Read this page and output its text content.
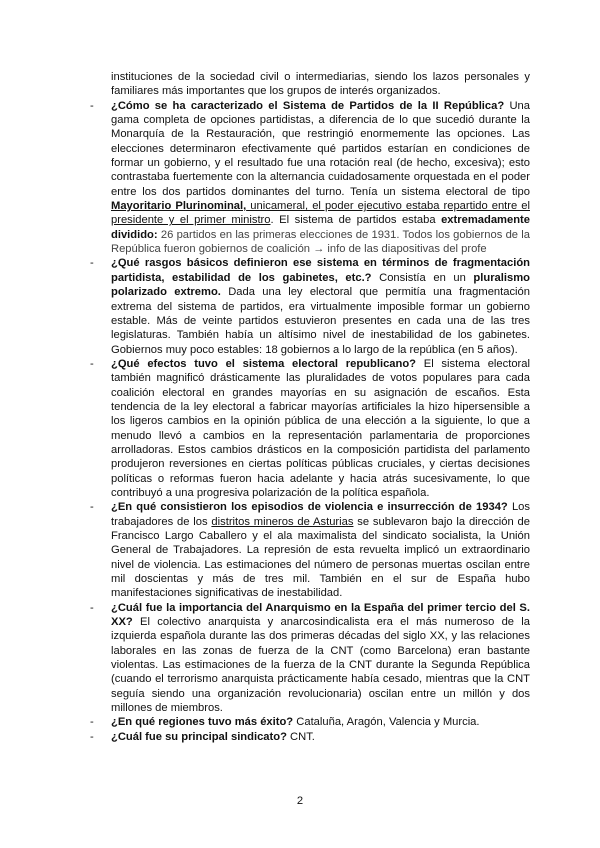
instituciones de la sociedad civil o intermediarias, siendo los lazos personales y familiares más importantes que los grupos de interés organizados.

- ¿Cómo se ha caracterizado el Sistema de Partidos de la II República? Una gama completa de opciones partidistas, a diferencia de lo que sucedió durante la Monarquía de la Restauración, que restringió enormemente las opciones. Las elecciones determinaron efectivamente qué partidos estarían en condiciones de formar un gobierno, y el resultado fue una rotación real (de hecho, excesiva); esto contrastaba fuertemente con la alternancia cuidadosamente orquestada en el poder entre los dos partidos dominantes del turno. Tenía un sistema electoral de tipo Mayoritario Plurinominal, unicameral, el poder ejecutivo estaba repartido entre el presidente y el primer ministro. El sistema de partidos estaba extremadamente dividido: 26 partidos en las primeras elecciones de 1931. Todos los gobiernos de la República fueron gobiernos de coalición → info de las diapositivas del profe

- ¿Qué rasgos básicos definieron ese sistema en términos de fragmentación partidista, estabilidad de los gabinetes, etc.? Consistía en un pluralismo polarizado extremo. Dada una ley electoral que permitía una fragmentación extrema del sistema de partidos, era virtualmente imposible formar un gobierno estable. Más de veinte partidos estuvieron presentes en cada una de las tres legislaturas. También había un altísimo nivel de inestabilidad de los gabinetes. Gobiernos muy poco estables: 18 gobiernos a lo largo de la república (en 5 años).

- ¿Qué efectos tuvo el sistema electoral republicano? El sistema electoral también magnificó drásticamente las pluralidades de votos populares para cada coalición electoral en grandes mayorías en su asignación de escaños. Esta tendencia de la ley electoral a fabricar mayorías artificiales la hizo hipersensible a los ligeros cambios en la opinión pública de una elección a la siguiente, lo que a menudo llevó a cambios en la representación parlamentaria de proporciones arrolladoras. Estos cambios drásticos en la composición partidista del parlamento produjeron reversiones en ciertas políticas públicas cruciales, y ciertas decisiones políticas o reformas fueron hacia adelante y hacia atrás sucesivamente, lo que contribuyó a una progresiva polarización de la política española.

- ¿En qué consistieron los episodios de violencia e insurrección de 1934? Los trabajadores de los distritos mineros de Asturias se sublevaron bajo la dirección de Francisco Largo Caballero y el ala maximalista del sindicato socialista, la Unión General de Trabajadores. La represión de esta revuelta implicó un extraordinario nivel de violencia. Las estimaciones del número de personas muertas oscilan entre mil doscientas y más de tres mil. También en el sur de España hubo manifestaciones significativas de inestabilidad.

- ¿Cuál fue la importancia del Anarquismo en la España del primer tercio del S. XX? El colectivo anarquista y anarcosindicalista era el más numeroso de la izquierda española durante las dos primeras décadas del siglo XX, y las relaciones laborales en las zonas de fuerza de la CNT (como Barcelona) eran bastante violentas. Las estimaciones de la fuerza de la CNT durante la Segunda República (cuando el terrorismo anarquista prácticamente había cesado, mientras que la CNT seguía siendo una organización revolucionaria) oscilan entre un millón y dos millones de miembros.

- ¿En qué regiones tuvo más éxito? Cataluña, Aragón, Valencia y Murcia.

- ¿Cuál fue su principal sindicato? CNT.

2
